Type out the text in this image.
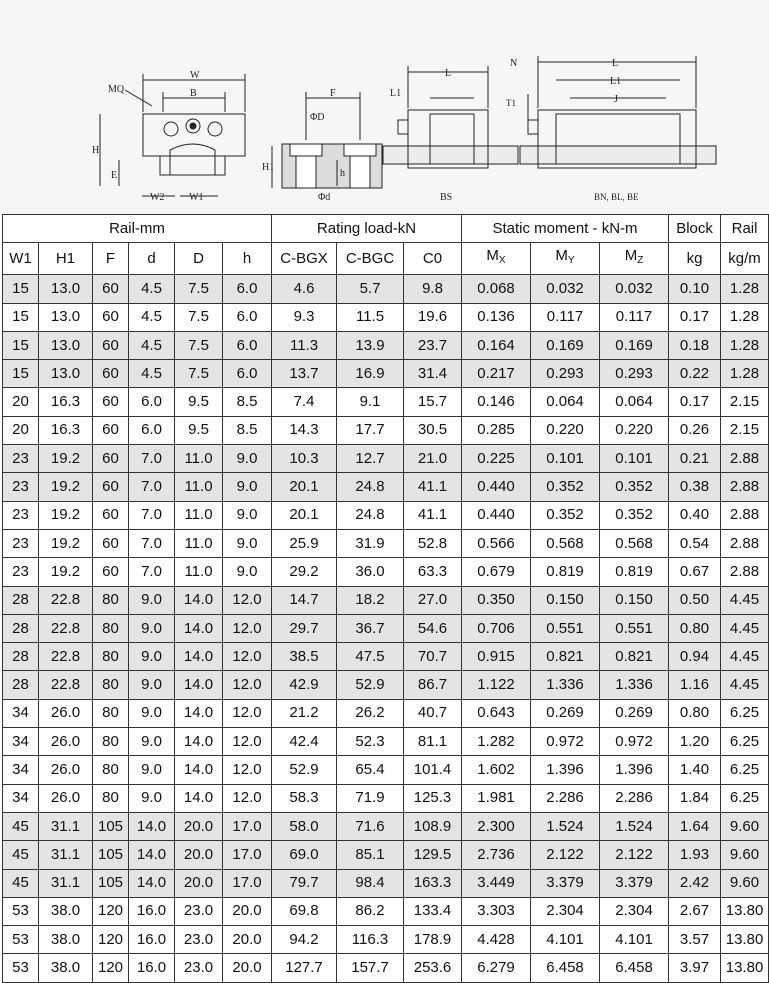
MQ
W
B
H
E
W2 W1
F
ΦD
Φd
H1
h
L
L1
BS
L
L1
J
N
T1
BN, BL, BE
Rail-mm						Rating load-kN			Static moment - kN-m			Block	Rail
W1	H1	F	d	D	h	C-BGX	C-BGC	C0	$M_X$	$M_Y$	$M_Z$	kg	kg/m
15	13.0	60	4.5	7.5	6.0	4.6	5.7	9.8	0.068	0.032	0.032	0.10	1.28
15	13.0	60	4.5	7.5	6.0	9.3	11.5	19.6	0.136	0.117	0.117	0.17	1.28
15	13.0	60	4.5	7.5	6.0	11.3	13.9	23.7	0.164	0.169	0.169	0.18	1.28
15	13.0	60	4.5	7.5	6.0	13.7	16.9	31.4	0.217	0.293	0.293	0.22	1.28
20	16.3	60	6.0	9.5	8.5	7.4	9.1	15.7	0.146	0.064	0.064	0.17	2.15
20	16.3	60	6.0	9.5	8.5	14.3	17.7	30.5	0.285	0.220	0.220	0.26	2.15
23	19.2	60	7.0	11.0	9.0	10.3	12.7	21.0	0.225	0.101	0.101	0.21	2.88
23	19.2	60	7.0	11.0	9.0	20.1	24.8	41.1	0.440	0.352	0.352	0.38	2.88
23	19.2	60	7.0	11.0	9.0	20.1	24.8	41.1	0.440	0.352	0.352	0.40	2.88
23	19.2	60	7.0	11.0	9.0	25.9	31.9	52.8	0.566	0.568	0.568	0.54	2.88
23	19.2	60	7.0	11.0	9.0	29.2	36.0	63.3	0.679	0.819	0.819	0.67	2.88
28	22.8	80	9.0	14.0	12.0	14.7	18.2	27.0	0.350	0.150	0.150	0.50	4.45
28	22.8	80	9.0	14.0	12.0	29.7	36.7	54.6	0.706	0.551	0.551	0.80	4.45
28	22.8	80	9.0	14.0	12.0	38.5	47.5	70.7	0.915	0.821	0.821	0.94	4.45
28	22.8	80	9.0	14.0	12.0	42.9	52.9	86.7	1.122	1.336	1.336	1.16	4.45
34	26.0	80	9.0	14.0	12.0	21.2	26.2	40.7	0.643	0.269	0.269	0.80	6.25
34	26.0	80	9.0	14.0	12.0	42.4	52.3	81.1	1.282	0.972	0.972	1.20	6.25
34	26.0	80	9.0	14.0	12.0	52.9	65.4	101.4	1.602	1.396	1.396	1.40	6.25
34	26.0	80	9.0	14.0	12.0	58.3	71.9	125.3	1.981	2.286	2.286	1.84	6.25
45	31.1	105	14.0	20.0	17.0	58.0	71.6	108.9	2.300	1.524	1.524	1.64	9.60
45	31.1	105	14.0	20.0	17.0	69.0	85.1	129.5	2.736	2.122	2.122	1.93	9.60
45	31.1	105	14.0	20.0	17.0	79.7	98.4	163.3	3.449	3.379	3.379	2.42	9.60
53	38.0	120	16.0	23.0	20.0	69.8	86.2	133.4	3.303	2.304	2.304	2.67	13.80
53	38.0	120	16.0	23.0	20.0	94.2	116.3	178.9	4.428	4.101	4.101	3.57	13.80
53	38.0	120	16.0	23.0	20.0	127.7	157.7	253.6	6.279	6.458	6.458	3.97	13.80
